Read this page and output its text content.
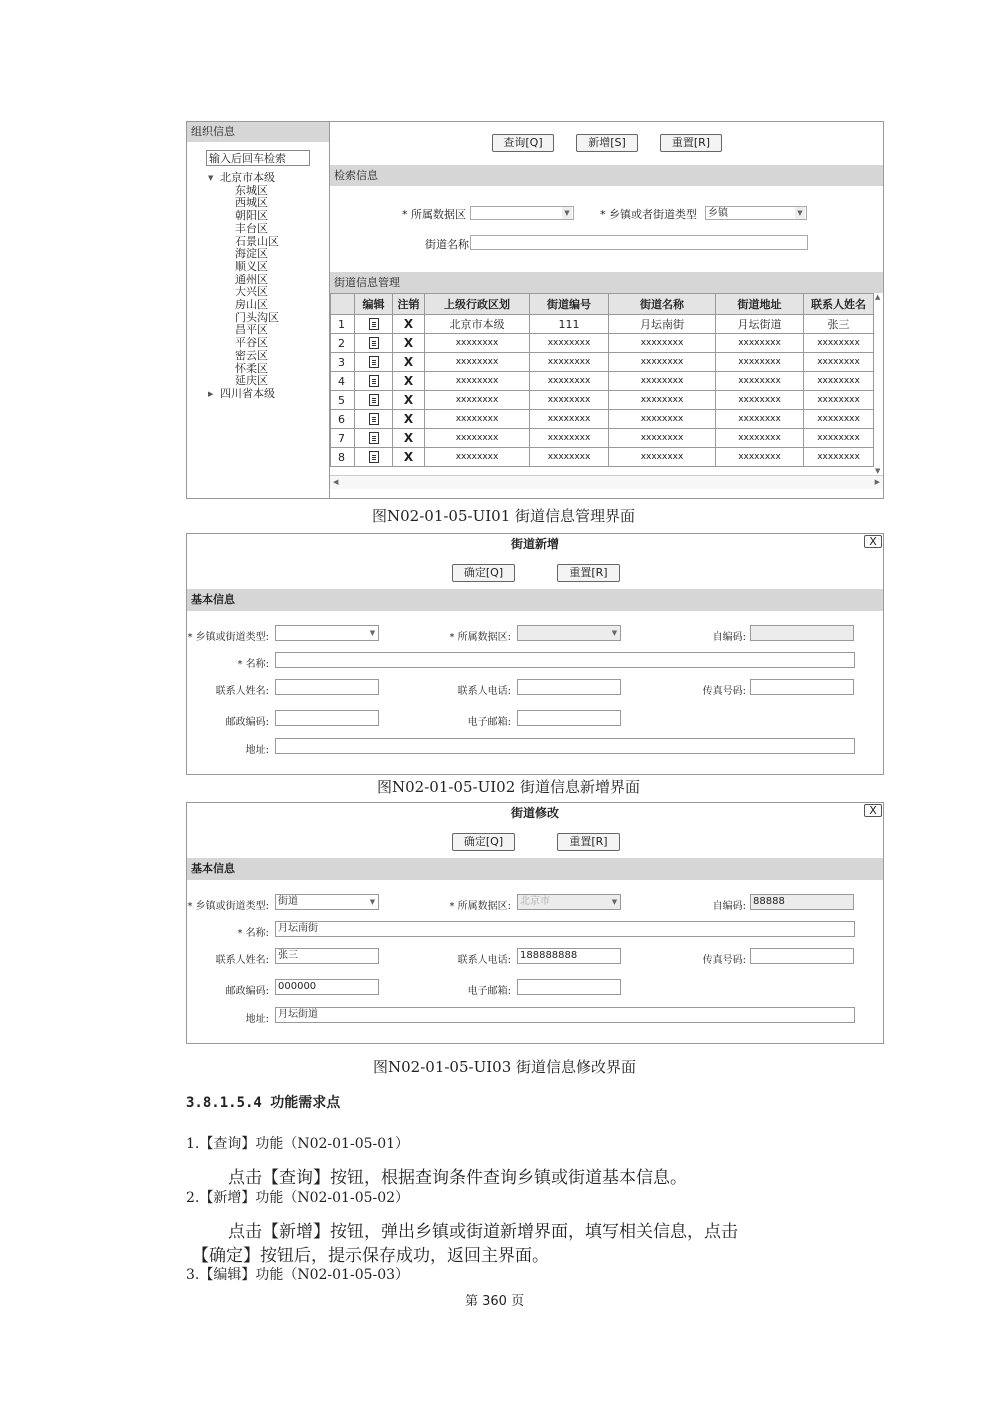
组织信息
输入后回车检索
▼ 北京市本级
东城区
西城区
朝阳区
丰台区
石景山区
海淀区
顺义区
通州区
大兴区
房山区
门头沟区
昌平区
平谷区
密云区
怀柔区
延庆区
▶ 四川省本级
查询[Q]	新增[S]	重置[R]
检索信息
* 所属数据区	▼	* 乡镇或者街道类型	乡镇	▼
街道名称
街道信息管理
	编辑	注销	上级行政区划	街道编号	街道名称	街道地址	联系人姓名
1		X	北京市本级	111	月坛南街	月坛街道	张三
2		X	xxxxxxxx	xxxxxxxx	xxxxxxxx	xxxxxxxx	xxxxxxxx
3		X	xxxxxxxx	xxxxxxxx	xxxxxxxx	xxxxxxxx	xxxxxxxx
4		X	xxxxxxxx	xxxxxxxx	xxxxxxxx	xxxxxxxx	xxxxxxxx
5		X	xxxxxxxx	xxxxxxxx	xxxxxxxx	xxxxxxxx	xxxxxxxx
6		X	xxxxxxxx	xxxxxxxx	xxxxxxxx	xxxxxxxx	xxxxxxxx
7		X	xxxxxxxx	xxxxxxxx	xxxxxxxx	xxxxxxxx	xxxxxxxx
8		X	xxxxxxxx	xxxxxxxx	xxxxxxxx	xxxxxxxx	xxxxxxxx
▲
▼
◀	▶
图N02-01-05-UI01 街道信息管理界面
街道新增	X
确定[Q]	重置[R]
基本信息
* 乡镇或街道类型:	▼	* 所属数据区:	▼	自编码:
* 名称:
联系人姓名:	联系人电话:	传真号码:
邮政编码:	电子邮箱:
地址:
图N02-01-05-UI02 街道信息新增界面
街道修改	X
确定[Q]	重置[R]
基本信息
* 乡镇或街道类型: 街道	▼	* 所属数据区: 北京市	▼	自编码: 88888
* 名称: 月坛南街
联系人姓名: 张三	联系人电话: 188888888	传真号码:
邮政编码: 000000	电子邮箱:
地址: 月坛街道
图N02-01-05-UI03 街道信息修改界面
3.8.1.5.4 功能需求点
1.【查询】功能（N02-01-05-01）
点击【查询】按钮，根据查询条件查询乡镇或街道基本信息。
2.【新增】功能（N02-01-05-02）
点击【新增】按钮，弹出乡镇或街道新增界面，填写相关信息，点击
【确定】按钮后，提示保存成功，返回主界面。
3.【编辑】功能（N02-01-05-03）
第 360 页
